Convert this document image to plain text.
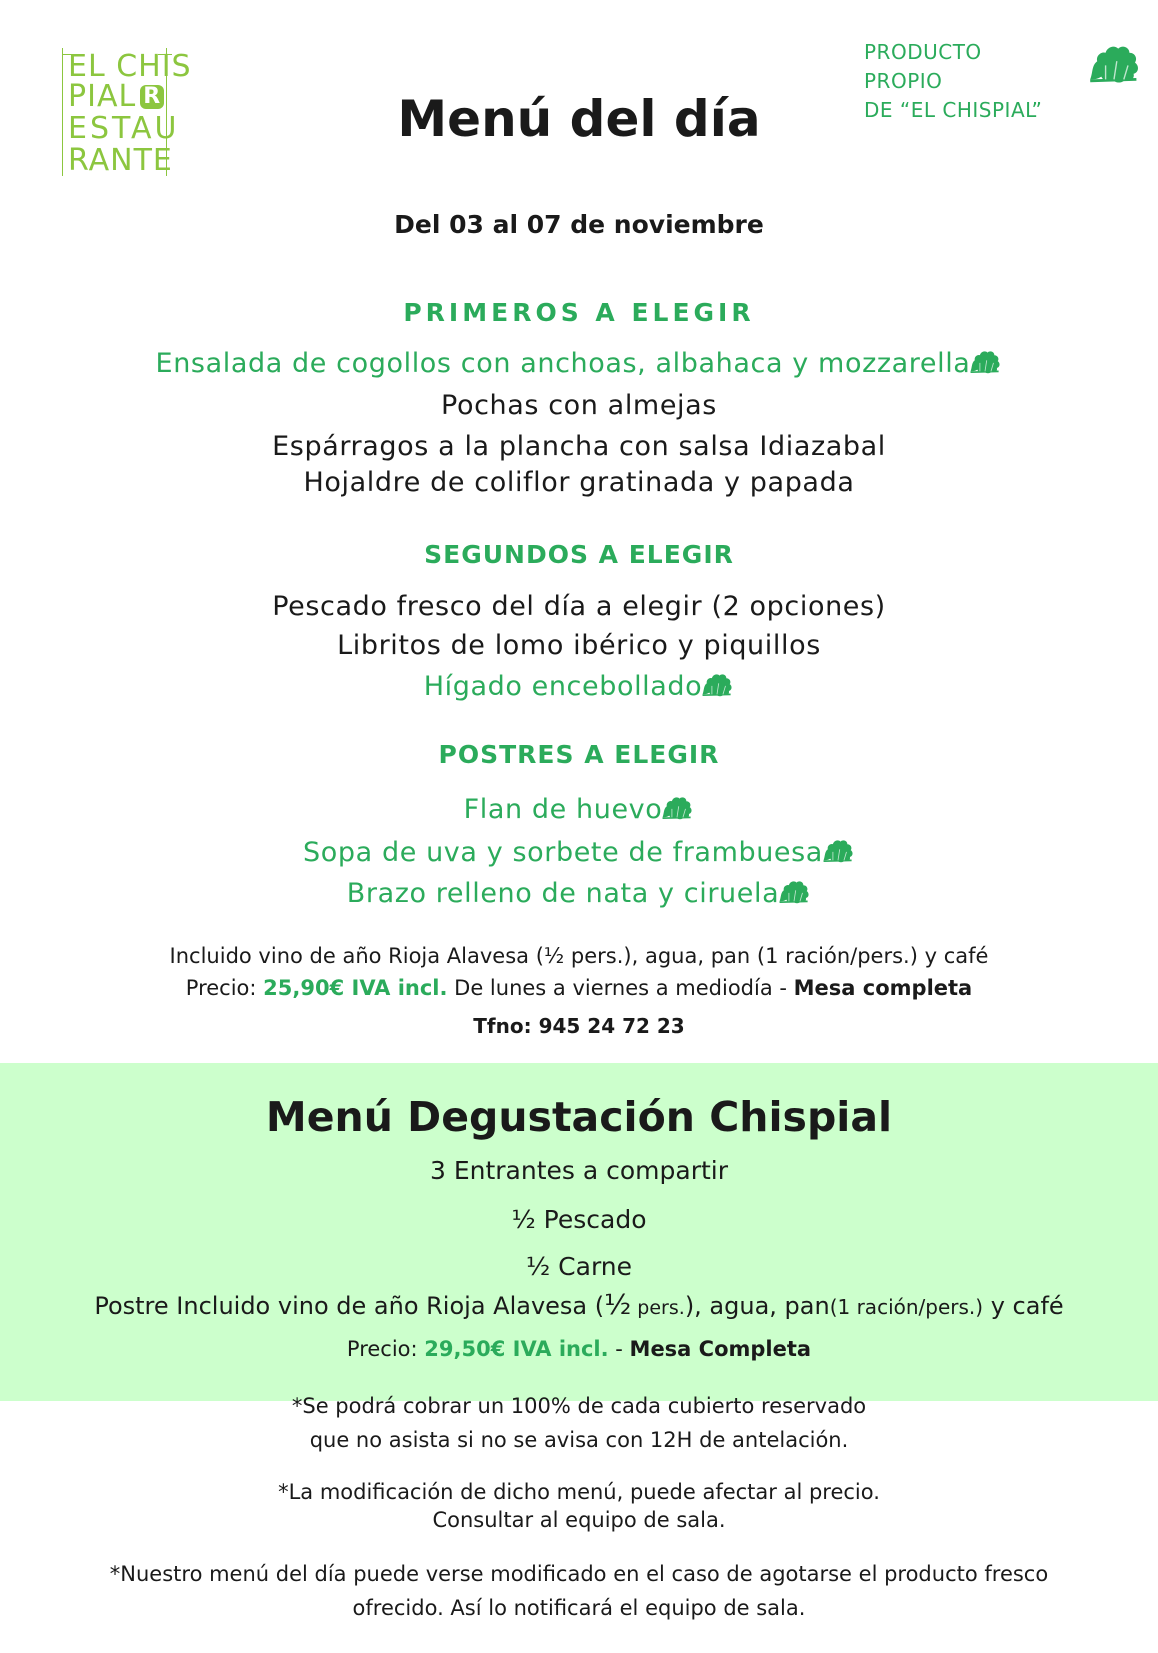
EL CHIS
PIAL R
ESTAU
RANTE
PRODUCTO PROPIO
DE “EL CHISPIAL”
Menú del día
Del 03 al 07 de noviembre
PRIMEROS A ELEGIR
Ensalada de cogollos con anchoas, albahaca y mozzarella
Pochas con almejas
Espárragos a la plancha con salsa Idiazabal
Hojaldre de coliflor gratinada y papada
SEGUNDOS A ELEGIR
Pescado fresco del día a elegir (2 opciones)
Libritos de lomo ibérico y piquillos
Hígado encebollado
POSTRES A ELEGIR
Flan de huevo
Sopa de uva y sorbete de frambuesa
Brazo relleno de nata y ciruela
Incluido vino de año Rioja Alavesa (½ pers.), agua, pan (1 ración/pers.) y café
Precio: 25,90€ IVA incl. De lunes a viernes a mediodía - Mesa completa
Tfno: 945 24 72 23
Menú Degustación Chispial
3 Entrantes a compartir
½ Pescado
½ Carne
Postre Incluido vino de año Rioja Alavesa (½ pers.), agua, pan(1 ración/pers.) y café
Precio: 29,50€ IVA incl. - Mesa Completa
*Se podrá cobrar un 100% de cada cubierto reservado
que no asista si no se avisa con 12H de antelación.
*La modificación de dicho menú, puede afectar al precio.
Consultar al equipo de sala.
*Nuestro menú del día puede verse modificado en el caso de agotarse el producto fresco
ofrecido. Así lo notificará el equipo de sala.
